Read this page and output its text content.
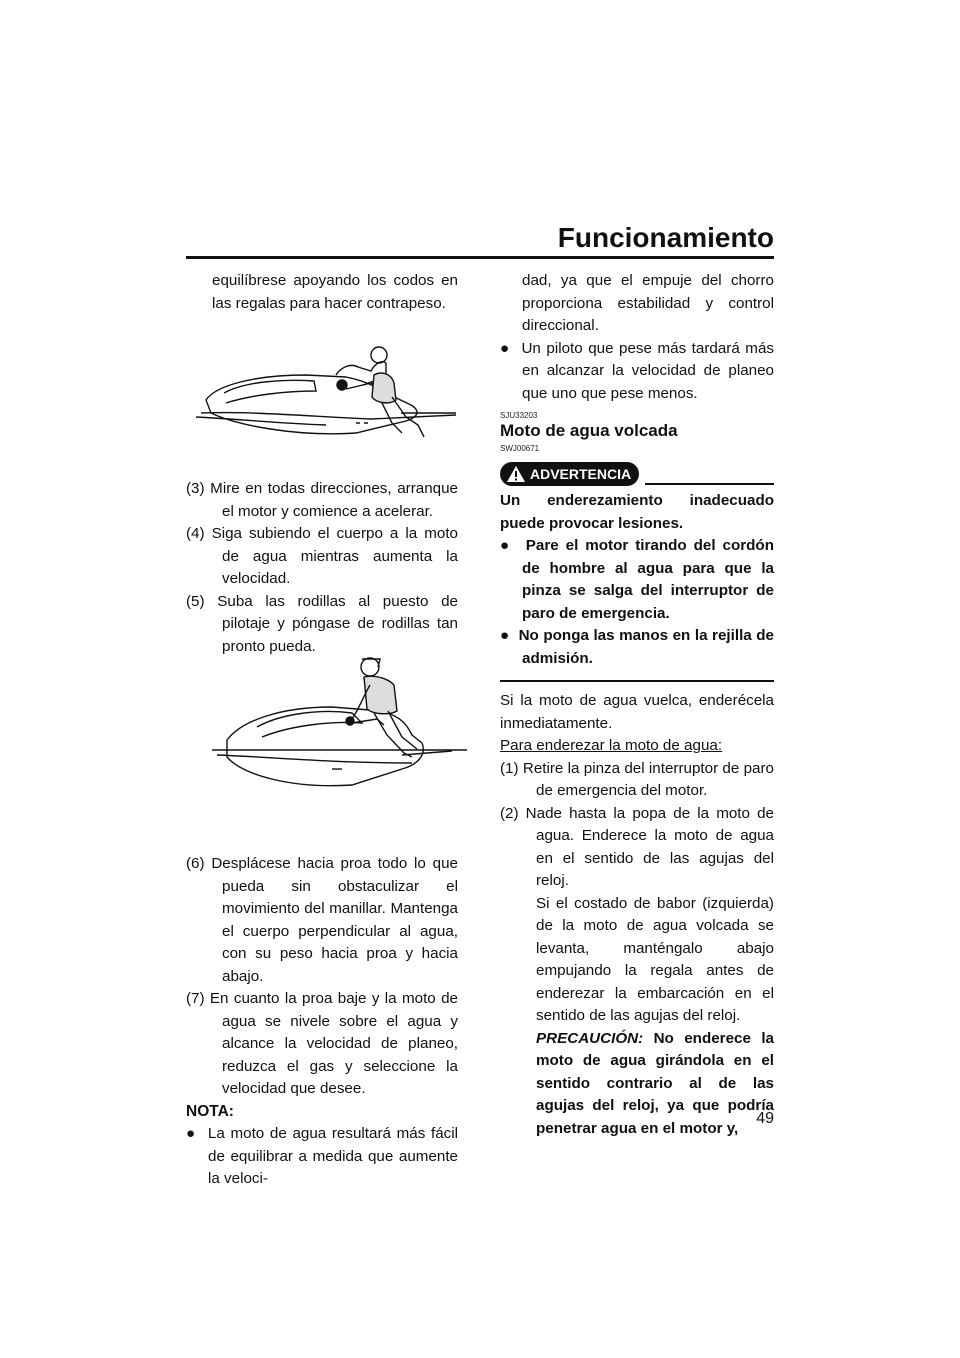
Funcionamiento

equilíbrese apoyando los codos en las regalas para hacer contrapeso.

(3) Mire en todas direcciones, arranque el motor y comience a acelerar.

(4) Siga subiendo el cuerpo a la moto de agua mientras aumenta la velocidad.

(5) Suba las rodillas al puesto de pilotaje y póngase de rodillas tan pronto pueda.

(6) Desplácese hacia proa todo lo que pueda sin obstaculizar el movimiento del manillar. Mantenga el cuerpo perpendicular al agua, con su peso hacia proa y hacia abajo.

(7) En cuanto la proa baje y la moto de agua se nivele sobre el agua y alcance la velocidad de planeo, reduzca el gas y seleccione la velocidad que desee.

NOTA:

●  La moto de agua resultará más fácil de equilibrar a medida que aumente la veloci-

dad, ya que el empuje del chorro proporciona estabilidad y control direccional.

●  Un piloto que pese más tardará más en alcanzar la velocidad de planeo que uno que pese menos.

SJU33203
Moto de agua volcada
SWJ00671
ADVERTENCIA

Un enderezamiento inadecuado puede provocar lesiones.

●  Pare el motor tirando del cordón de hombre al agua para que la pinza se salga del interruptor de paro de emergencia.

●  No ponga las manos en la rejilla de admisión.

Si la moto de agua vuelca, enderécela inmediatamente.

Para enderezar la moto de agua:

(1) Retire la pinza del interruptor de paro de emergencia del motor.

(2) Nade hasta la popa de la moto de agua. Enderece la moto de agua en el sentido de las agujas del reloj.

Si el costado de babor (izquierda) de la moto de agua volcada se levanta, manténgalo abajo empujando la regala antes de enderezar la embarcación en el sentido de las agujas del reloj.

PRECAUCIÓN: No enderece la moto de agua girándola en el sentido contrario al de las agujas del reloj, ya que podría penetrar agua en el motor y,

49
